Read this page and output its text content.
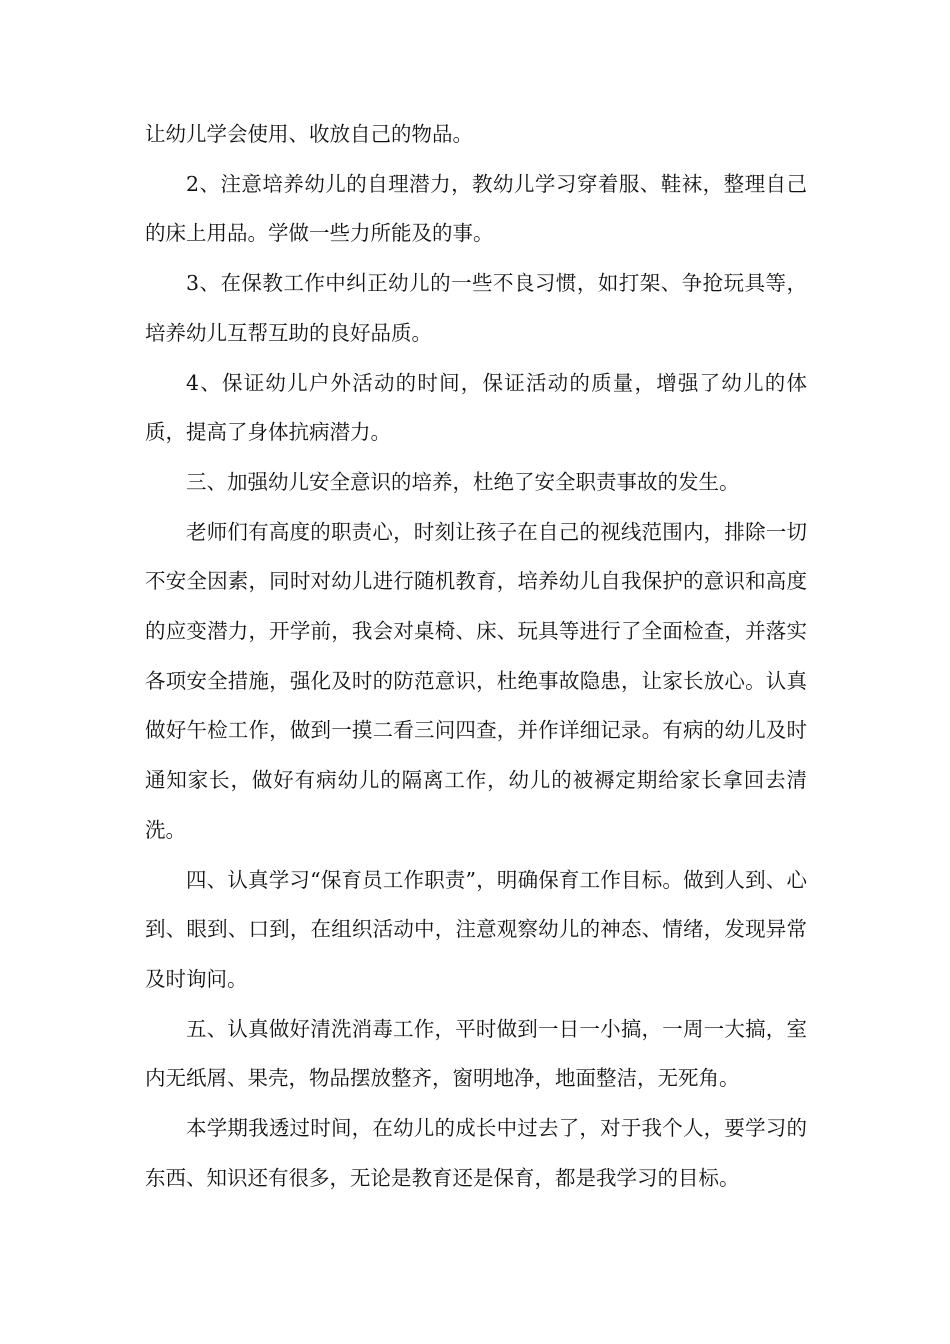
让幼儿学会使用、收放自己的物品。

2、注意培养幼儿的自理潜力，教幼儿学习穿着服、鞋袜，整理自己的床上用品。学做一些力所能及的事。

3、在保教工作中纠正幼儿的一些不良习惯，如打架、争抢玩具等，培养幼儿互帮互助的良好品质。

4、保证幼儿户外活动的时间，保证活动的质量，增强了幼儿的体质，提高了身体抗病潜力。

三、加强幼儿安全意识的培养，杜绝了安全职责事故的发生。

老师们有高度的职责心，时刻让孩子在自己的视线范围内，排除一切不安全因素，同时对幼儿进行随机教育，培养幼儿自我保护的意识和高度的应变潜力，开学前，我会对桌椅、床、玩具等进行了全面检查，并落实各项安全措施，强化及时的防范意识，杜绝事故隐患，让家长放心。认真做好午检工作，做到一摸二看三问四查，并作详细记录。有病的幼儿及时通知家长，做好有病幼儿的隔离工作，幼儿的被褥定期给家长拿回去清洗。

四、认真学习“保育员工作职责”，明确保育工作目标。做到人到、心到、眼到、口到，在组织活动中，注意观察幼儿的神态、情绪，发现异常及时询问。

五、认真做好清洗消毒工作，平时做到一日一小搞，一周一大搞，室内无纸屑、果壳，物品摆放整齐，窗明地净，地面整洁，无死角。

本学期我透过时间，在幼儿的成长中过去了，对于我个人，要学习的东西、知识还有很多，无论是教育还是保育，都是我学习的目标。
